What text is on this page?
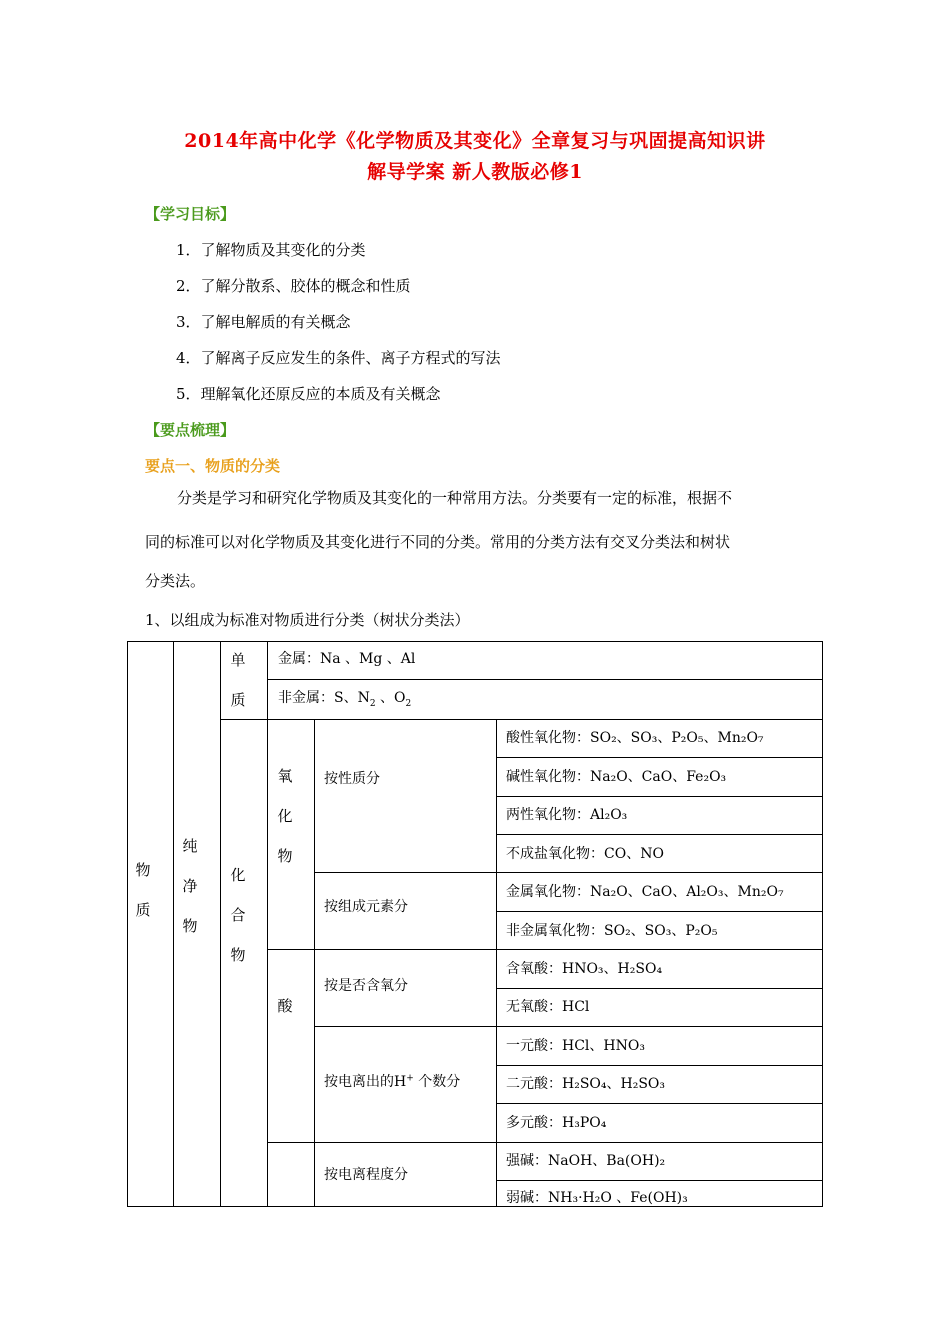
2014年高中化学《化学物质及其变化》全章复习与巩固提高知识讲
解导学案 新人教版必修1
【学习目标】
1．了解物质及其变化的分类
2．了解分散系、胶体的概念和性质
3．了解电解质的有关概念
4．了解离子反应发生的条件、离子方程式的写法
5．理解氧化还原反应的本质及有关概念
【要点梳理】
要点一、物质的分类
分类是学习和研究化学物质及其变化的一种常用方法。分类要有一定的标准，根据不
同的标准可以对化学物质及其变化进行不同的分类。常用的分类方法有交叉分类法和树状
分类法。
1、以组成为标准对物质进行分类（树状分类法）
物
质
纯
净
物
单
质
化
合
物
氧
化
物
酸
金属：Na 、Mg 、Al
非金属：S、$N_2$ 、$O_2$
按性质分
按组成元素分
按是否含氧分
按电离出的H+ 个数分
按电离程度分
酸性氧化物：SO₂、SO₃、P₂O₅、Mn₂O₇
碱性氧化物：Na₂O、CaO、Fe₂O₃
两性氧化物：Al₂O₃
不成盐氧化物：CO、NO
金属氧化物：Na₂O、CaO、Al₂O₃、Mn₂O₇
非金属氧化物：SO₂、SO₃、P₂O₅
含氧酸：HNO₃、H₂SO₄
无氧酸：HCl
一元酸：HCl、HNO₃
二元酸：H₂SO₄、H₂SO₃
多元酸：H₃PO₄
强碱：NaOH、Ba(OH)₂
弱碱：NH₃·H₂O 、Fe(OH)₃
